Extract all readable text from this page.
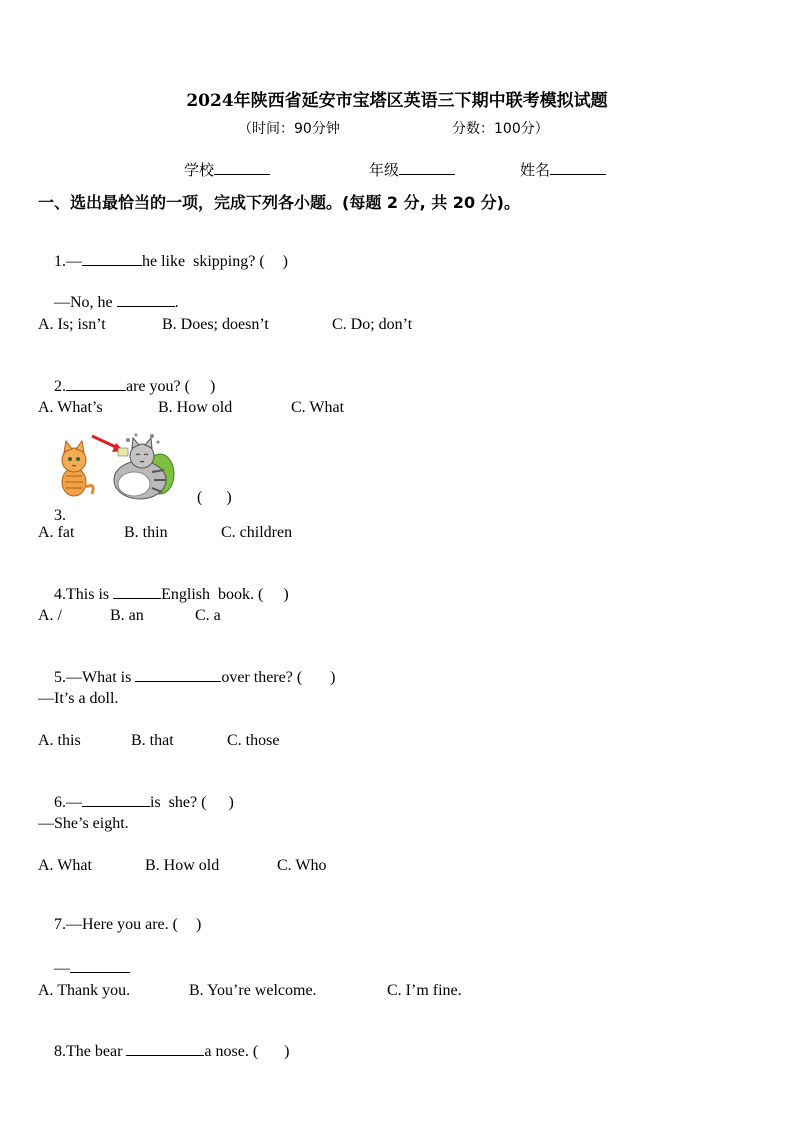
2024年陕西省延安市宝塔区英语三下期中联考模拟试题
（时间：90分钟	分数：100分）
学校	年级	姓名
一、选出最恰当的一项，完成下列各小题。(每题 2 分, 共 20 分)。

1.—	he like  skipping? ( )

—No, he	.

A. Is; isn’t	B. Does; doesn’t	C. Do; don’t

2.	are you? ( )

A. What’s	B. How old	C. What

3.

(      )
A. fat	B. thin	C. children

4.This is	English  book. ( )

A. /	B. an	C. a

5.—What is	over there? ( )

—It’s a doll.
A. this	B. that	C. those

6.—	is  she? ( )

—She’s eight.
A. What	B. How old	C. Who

7.—Here you are. ( )

—

A. Thank you.	B. You’re welcome.	C. I’m fine.

8.The bear	a nose. ( )
